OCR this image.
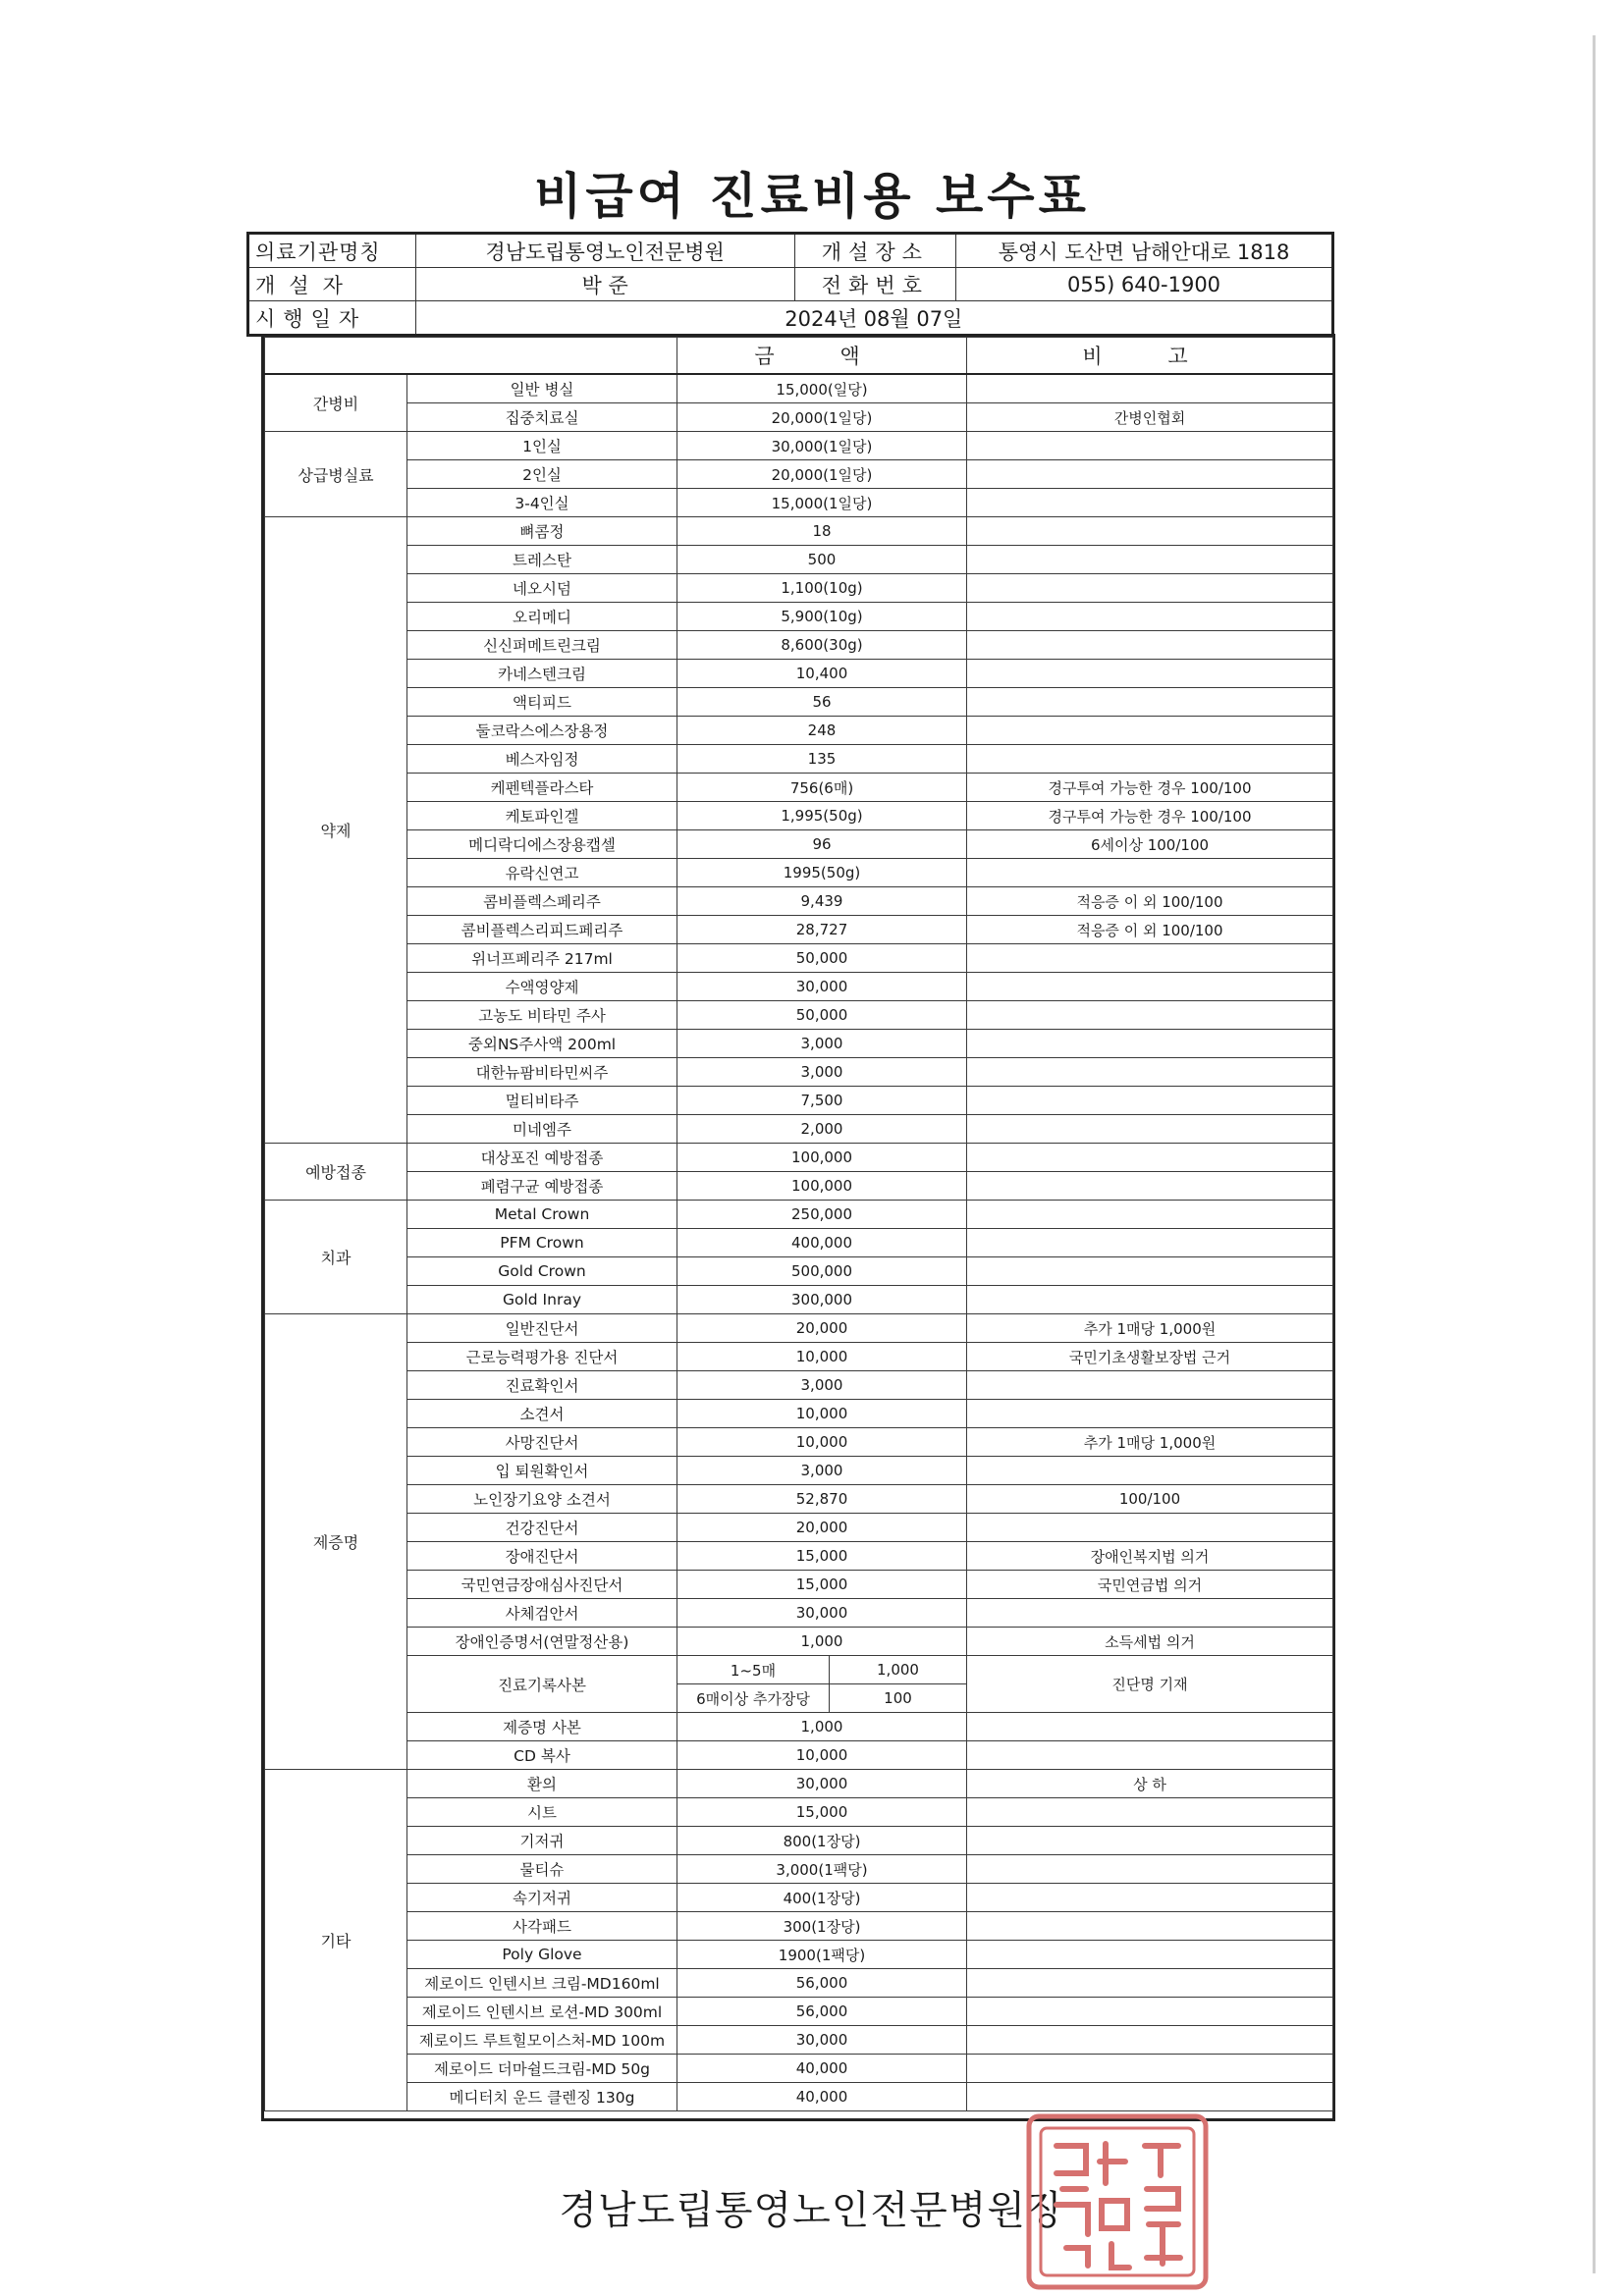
비급여 진료비용 보수표
의료기관명칭	경남도립통영노인전문병원	개설장소	통영시 도산면 남해안대로 1818
개설자	박 준	전화번호	055) 640-1900
시행일자	2024년 08월 07일		
		금 액		비 고
간병비	일반 병실	15,000(일당)		
	집중치료실	20,000(1일당)		간병인협회
상급병실료	1인실	30,000(1일당)		
	2인실	20,000(1일당)		
	3-4인실	15,000(1일당)		
약제	뼈콤정	18		
	트레스탄	500		
	네오시덤	1,100(10g)		
	오리메디	5,900(10g)		
	신신퍼메트린크림	8,600(30g)		
	카네스텐크림	10,400		
	액티피드	56		
	둘코락스에스장용정	248		
	베스자임정	135		
	케펜텍플라스타	756(6매)		경구투여 가능한 경우 100/100
	케토파인겔	1,995(50g)		경구투여 가능한 경우 100/100
	메디락디에스장용캡셀	96		6세이상 100/100
	유락신연고	1995(50g)		
	콤비플렉스페리주	9,439		적응증 이 외 100/100
	콤비플렉스리피드페리주	28,727		적응증 이 외 100/100
	위너프페리주 217ml	50,000		
	수액영양제	30,000		
	고농도 비타민 주사	50,000		
	중외NS주사액 200ml	3,000		
	대한뉴팜비타민씨주	3,000		
	멀티비타주	7,500		
	미네엠주	2,000		
예방접종	대상포진 예방접종	100,000		
	폐렴구균 예방접종	100,000		
치과	Metal Crown	250,000		
	PFM Crown	400,000		
	Gold Crown	500,000		
	Gold Inray	300,000		
제증명	일반진단서	20,000		추가 1매당 1,000원
	근로능력평가용 진단서	10,000		국민기초생활보장법 근거
	진료확인서	3,000		
	소견서	10,000		
	사망진단서	10,000		추가 1매당 1,000원
	입 퇴원확인서	3,000		
	노인장기요양 소견서	52,870		100/100
	건강진단서	20,000		
	장애진단서	15,000		장애인복지법 의거
	국민연금장애심사진단서	15,000		국민연금법 의거
	사체검안서	30,000		
	장애인증명서(연말정산용)	1,000		소득세법 의거
	진료기록사본	1~5매	1,000	진단명 기재
		6매이상 추가장당	100	
	제증명 사본	1,000		
	CD 복사	10,000		
기타	환의	30,000		상 하
	시트	15,000		
	기저귀	800(1장당)		
	물티슈	3,000(1팩당)		
	속기저귀	400(1장당)		
	사각패드	300(1장당)		
	Poly Glove	1900(1팩당)		
	제로이드 인텐시브 크림-MD160ml	56,000		
	제로이드 인텐시브 로션-MD 300ml	56,000		
	제로이드 루트힐모이스처-MD 100m	30,000		
	제로이드 더마쉴드크림-MD 50g	40,000		
	메디터치 운드 클렌징 130g	40,000		
경남도립통영노인전문병원장
